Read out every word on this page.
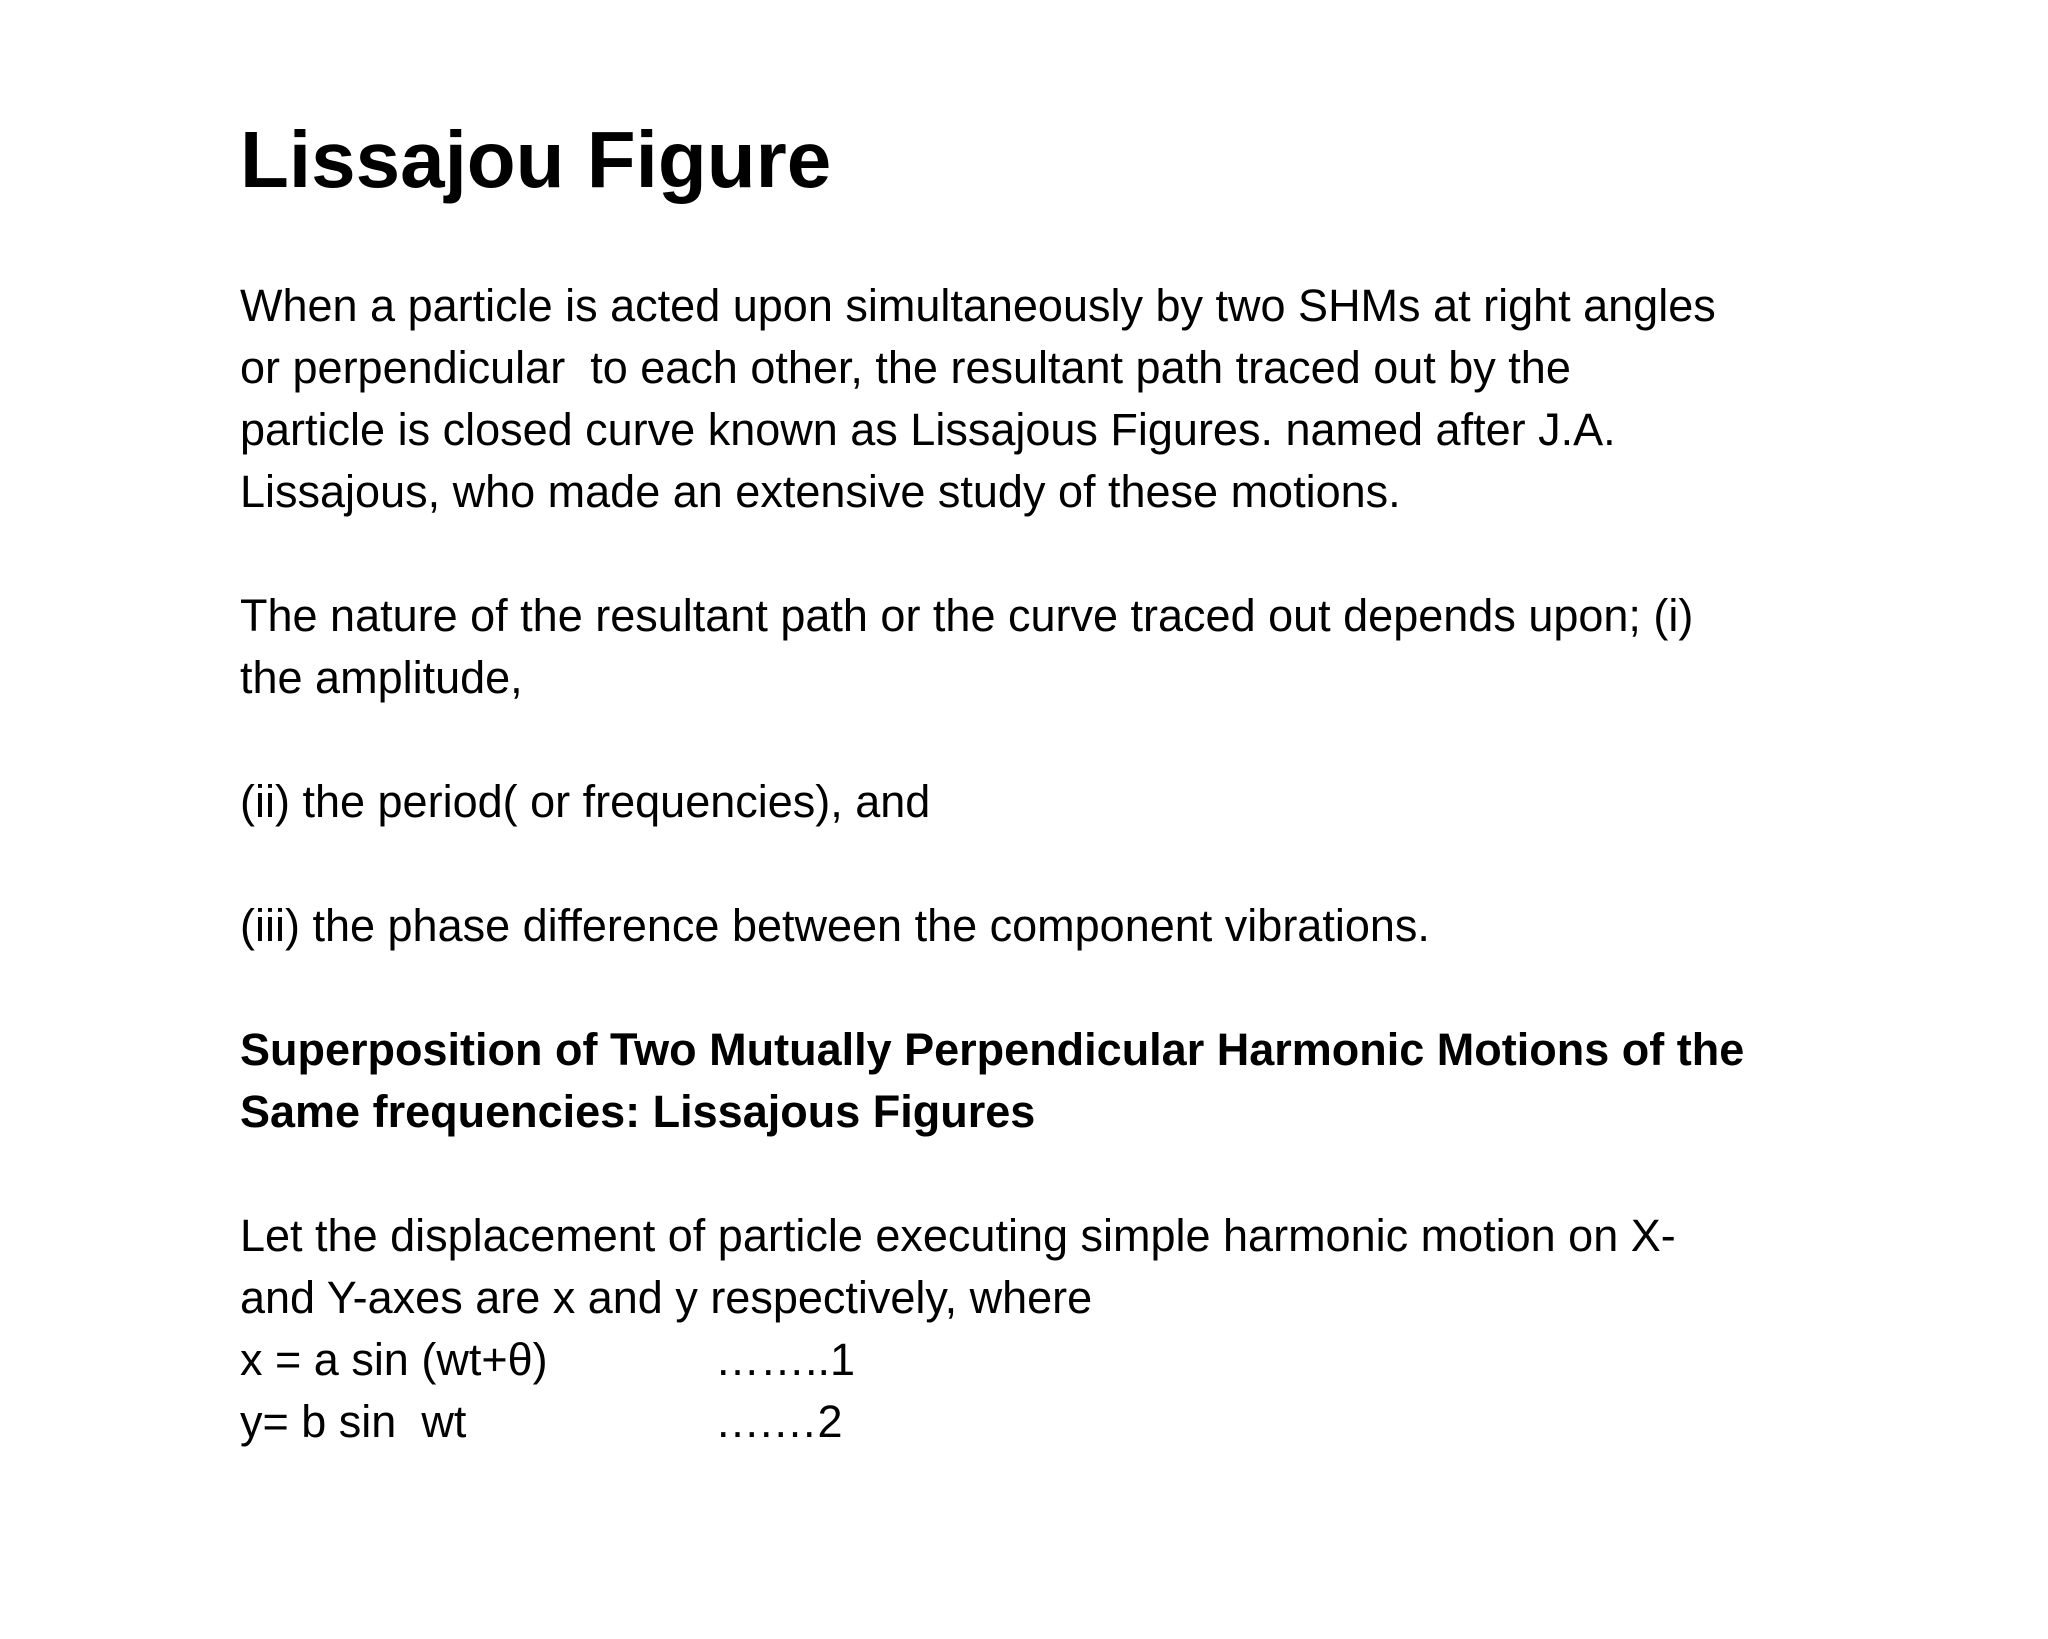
Lissajou Figure
When a particle is acted upon simultaneously by two SHMs at right angles
or perpendicular  to each other, the resultant path traced out by the
particle is closed curve known as Lissajous Figures. named after J.A.
Lissajous, who made an extensive study of these motions.
The nature of the resultant path or the curve traced out depends upon; (i)
the amplitude,
(ii) the period( or frequencies), and
(iii) the phase difference between the component vibrations.
Superposition of Two Mutually Perpendicular Harmonic Motions of the
Same frequencies: Lissajous Figures
Let the displacement of particle executing simple harmonic motion on X-
and Y-axes are x and y respectively, where

x = a sin (wt+θ)

	……..1

y= b sin  wt

	….…2
